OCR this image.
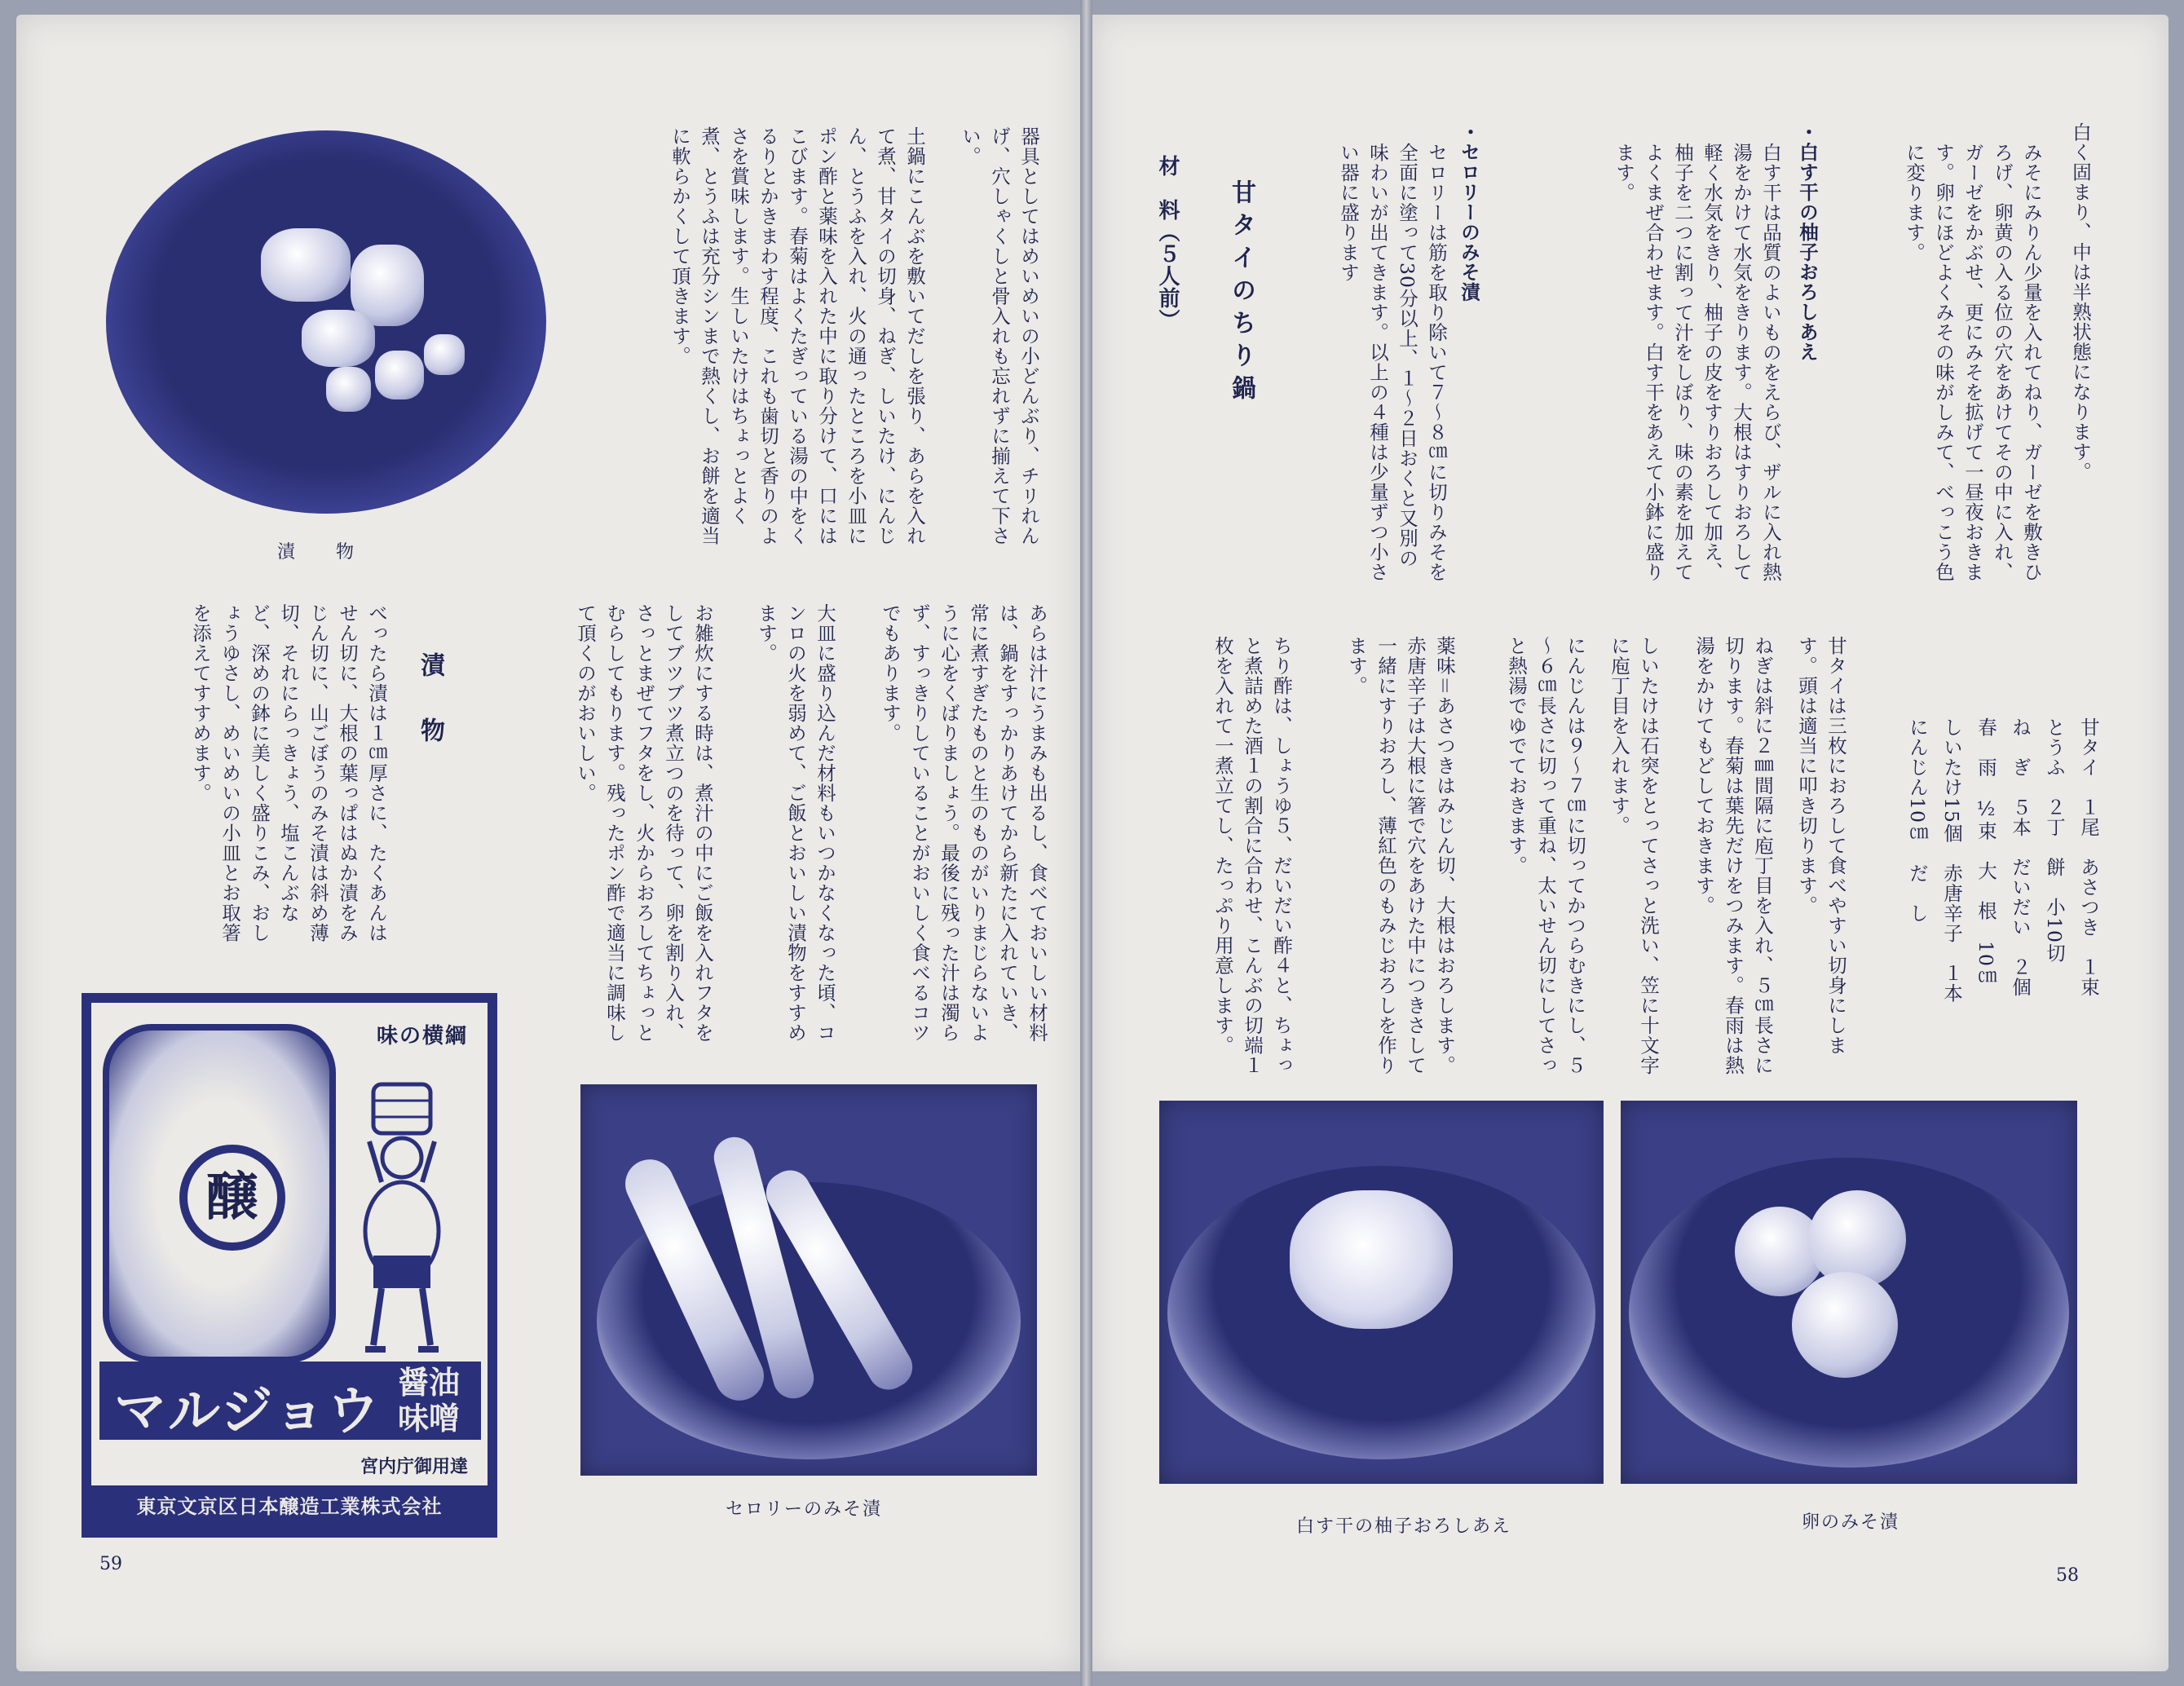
漬　　物
器具としてはめいめいの小どんぶり、チリれんげ、穴しゃくしと骨入れも忘れずに揃えて下さい。
土鍋にこんぶを敷いてだしを張り、あらを入れて煮、甘タイの切身、ねぎ、しいたけ、にんじん、とうふを入れ、火の通ったところを小皿にポン酢と薬味を入れた中に取り分けて、口にはこびます。春菊はよくたぎっている湯の中をくるりとかきまわす程度、これも歯切と香りのよさを賞味します。生しいたけはちょっとよく煮、とうふは充分シンまで熱くし、お餅を適当に軟らかくして頂きます。
あらは汁にうまみも出るし、食べておいしい材料は、鍋をすっかりあけてから新たに入れていき、常に煮すぎたものと生のものがいりまじらないように心をくばりましょう。最後に残った汁は濁らず、すっきりしていることがおいしく食べるコツでもあります。
大皿に盛り込んだ材料もいつかなくなった頃、コンロの火を弱めて、ご飯とおいしい漬物をすすめます。
お雑炊にする時は、煮汁の中にご飯を入れフタをしてブツブツ煮立つのを待って、卵を割り入れ、さっとまぜてフタをし、火からおろしてちょっとむらしてもります。残ったポン酢で適当に調味して頂くのがおいしい。
漬　物
べったら漬は１㎝厚さに、たくあんはせん切に、大根の葉っぱはぬか漬をみじん切に、山ごぼうのみそ漬は斜め薄切、それにらっきょう、塩こんぶなど、深めの鉢に美しく盛りこみ、おしょうゆさし、めいめいの小皿とお取箸を添えてすすめます。
セロリーのみそ漬
味の横綱
醸
マルジョウ 醤油味噌
宮内庁御用達
東京文京区日本醸造工業株式会社
59
白く固まり、中は半熟状態になります。
みそにみりん少量を入れてねり、ガーゼを敷きひろげ、卵黄の入る位の穴をあけてその中に入れ、ガーゼをかぶせ、更にみそを拡げて一昼夜おきます。卵にほどよくみその味がしみて、べっこう色に変ります。
・白す干の柚子おろしあえ
白す干は品質のよいものをえらび、ザルに入れ熱湯をかけて水気をきります。大根はすりおろして軽く水気をきり、柚子の皮をすりおろして加え、柚子を二つに割って汁をしぼり、味の素を加えてよくまぜ合わせます。白す干をあえて小鉢に盛ります。
・セロリーのみそ漬
セロリーは筋を取り除いて７～８㎝に切りみそを全面に塗って30分以上、１～２日おくと又別の味わいが出てきます。以上の４種は少量ずつ小さい器に盛ります
甘タイのちり鍋
材　料（５人前）
甘タイ　１尾　あさつき　１束
とうふ　２丁　餅　小10切
ね　ぎ　５本　だいだい　２個
春　雨　½束　大　根　10㎝
しいたけ15個　赤唐辛子　１本
にんじん10㎝　だ　し
甘タイは三枚におろして食べやすい切身にします。頭は適当に叩き切ります。
ねぎは斜に２㎜間隔に庖丁目を入れ、５㎝長さに切ります。春菊は葉先だけをつみます。春雨は熱湯をかけてもどしておきます。
しいたけは石突をとってさっと洗い、笠に十文字に庖丁目を入れます。
にんじんは９～７㎝に切ってかつらむきにし、５～６㎝長さに切って重ね、太いせん切にしてさっと熱湯でゆでておきます。
薬味＝あさつきはみじん切、大根はおろします。赤唐辛子は大根に箸で穴をあけた中につきさして一緒にすりおろし、薄紅色のもみじおろしを作ります。
ちり酢は、しょうゆ５、だいだい酢４と、ちょっと煮詰めた酒１の割合に合わせ、こんぶの切端１枚を入れて一煮立てし、たっぷり用意します。
白す干の柚子おろしあえ	卵のみそ漬
58
